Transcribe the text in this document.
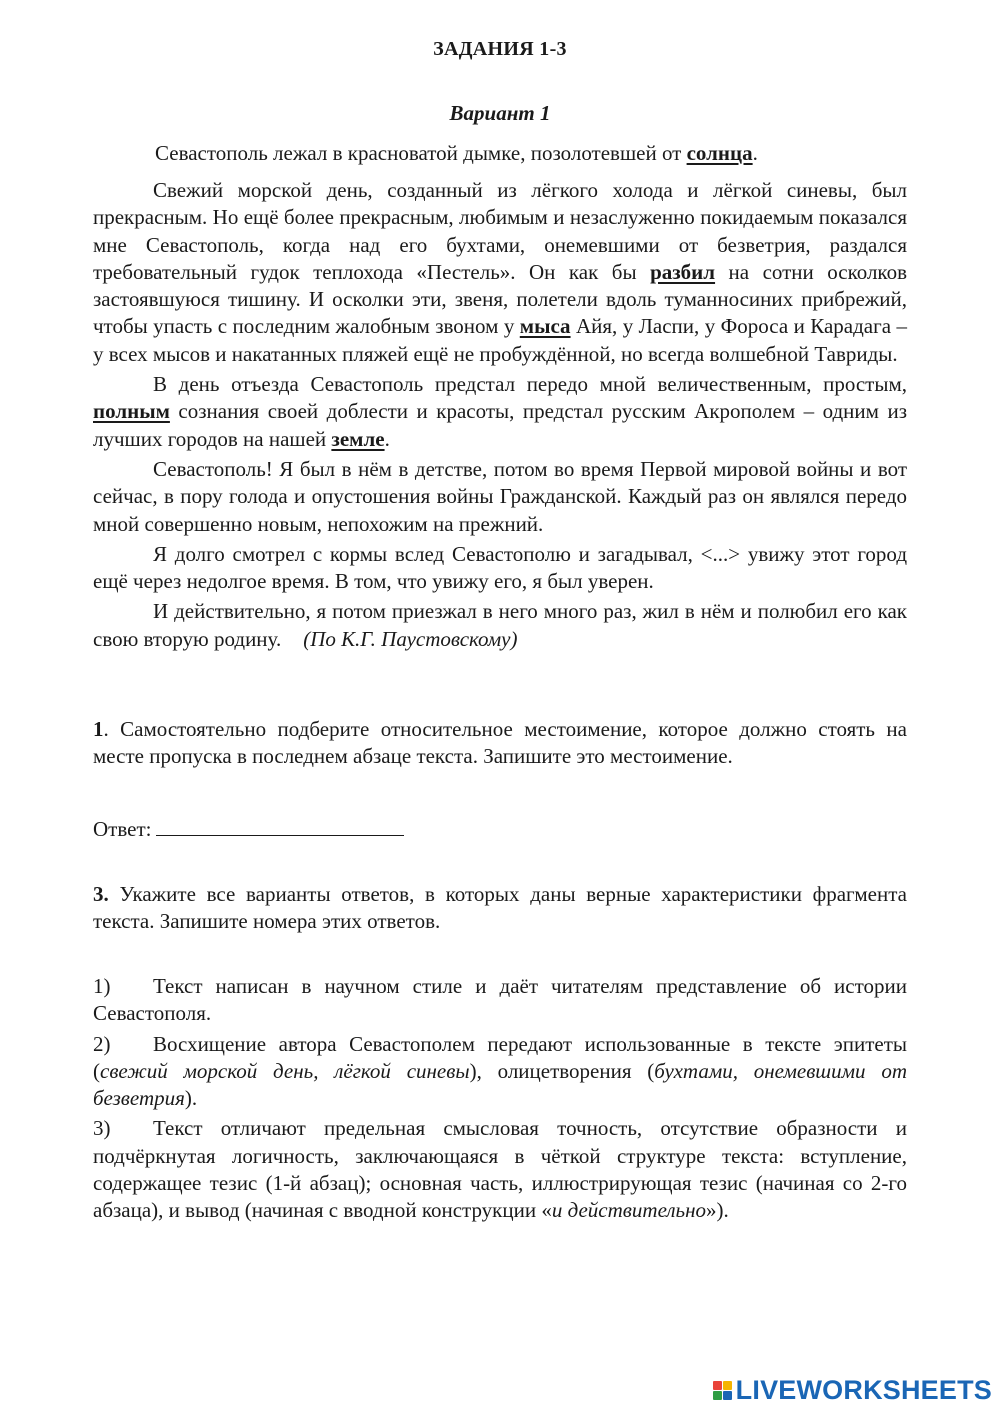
ЗАДАНИЯ 1-3
Вариант 1
Севастополь лежал в красноватой дымке, позолотевшей от солнца.

Свежий морской день, созданный из лёгкого холода и лёгкой синевы, был прекрасным. Но ещё более прекрасным, любимым и незаслуженно покидаемым показался мне Севастополь, когда над его бухтами, онемевшими от безветрия, раздался требовательный гудок теплохода «Пестель». Он как бы разбил на сотни осколков застоявшуюся тишину. И осколки эти, звеня, полетели вдоль туманносиних прибрежий, чтобы упасть с последним жалобным звоном у мыса Айя, у Ласпи, у Фороса и Карадага – у всех мысов и накатанных пляжей ещё не пробуждённой, но всегда волшебной Тавриды.

В день отъезда Севастополь предстал передо мной величественным, простым, полным сознания своей доблести и красоты, предстал русским Акрополем – одним из лучших городов на нашей земле.

Севастополь! Я был в нём в детстве, потом во время Первой мировой войны и вот сейчас, в пору голода и опустошения войны Гражданской. Каждый раз он являлся передо мной совершенно новым, непохожим на прежний.

Я долго смотрел с кормы вслед Севастополю и загадывал, <...> увижу этот город ещё через недолгое время. В том, что увижу его, я был уверен.

И действительно, я потом приезжал в него много раз, жил в нём и полюбил его как свою вторую родину. (По К.Г. Паустовскому)

1. Самостоятельно подберите относительное местоимение, которое должно стоять на месте пропуска в последнем абзаце текста. Запишите это местоимение.
Ответ:
3. Укажите все варианты ответов, в которых даны верные характеристики фрагмента текста. Запишите номера этих ответов.

1) Текст написан в научном стиле и даёт читателям представление об истории Севастополя.

2) Восхищение автора Севастополем передают использованные в тексте эпитеты (свежий морской день, лёгкой синевы), олицетворения (бухтами, онемевшими от безветрия).

3) Текст отличают предельная смысловая точность, отсутствие образности и подчёркнутая логичность, заключающаяся в чёткой структуре текста: вступление, содержащее тезис (1-й абзац); основная часть, иллюстрирующая тезис (начиная со 2-го абзаца), и вывод (начиная с вводной конструкции «и действительно»).

LIVEWORKSHEETS
